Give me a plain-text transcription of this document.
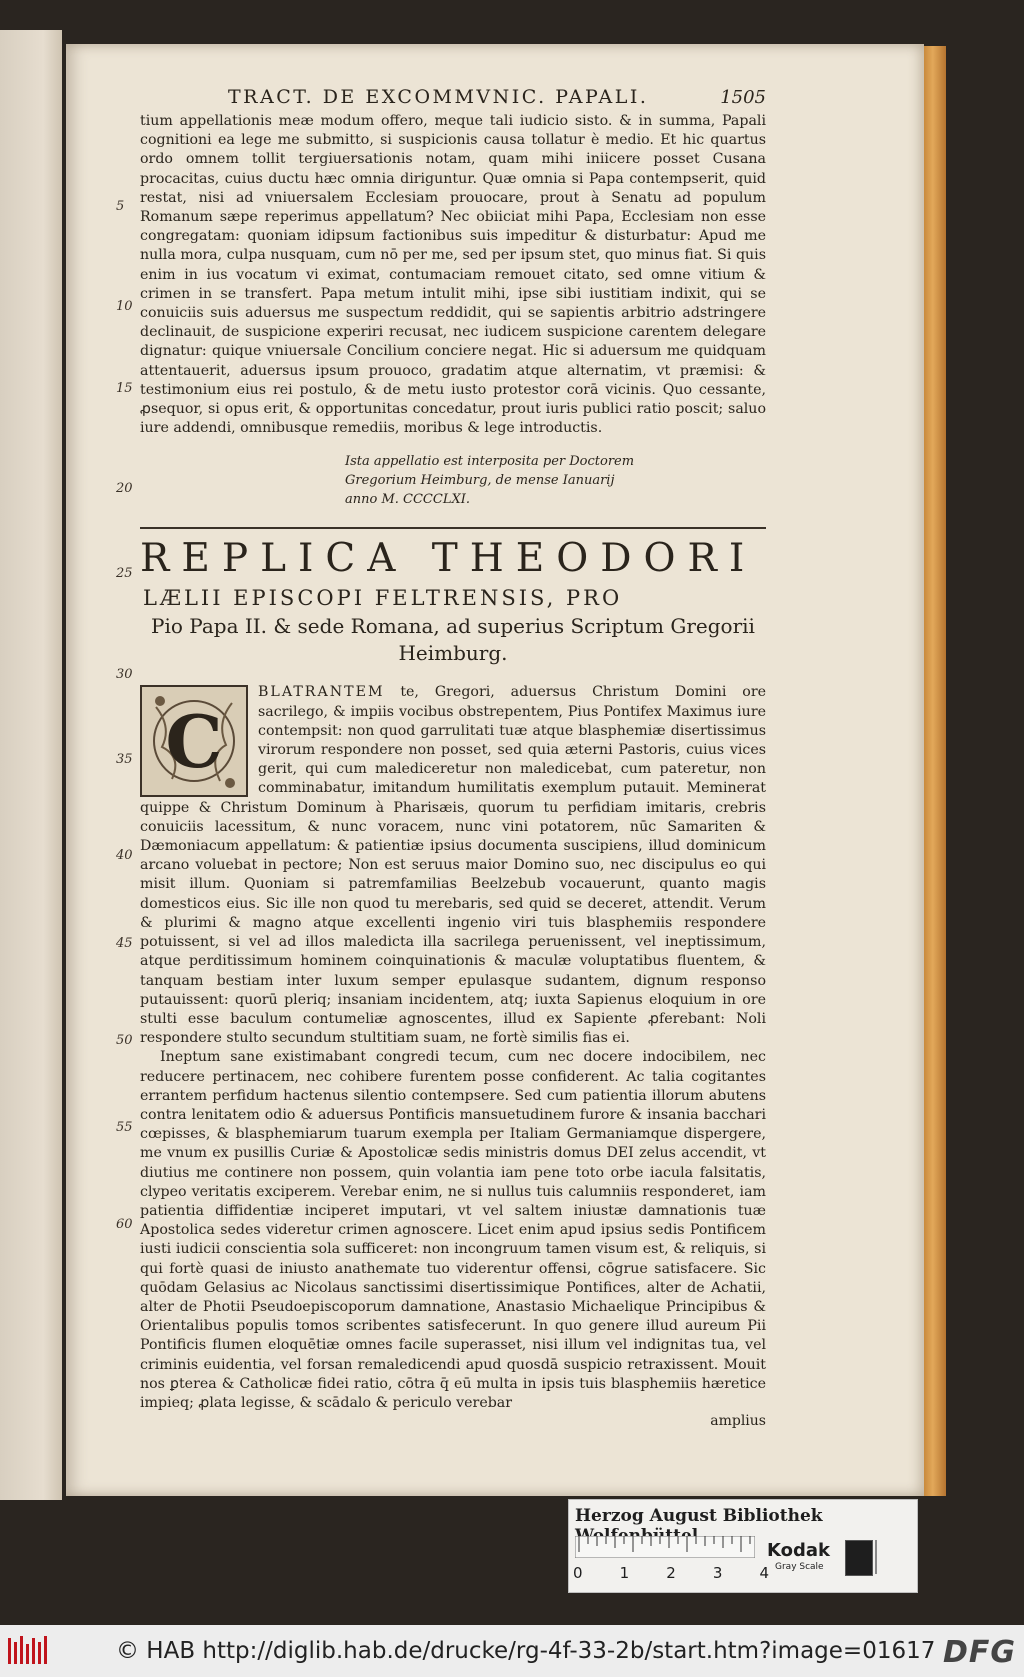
TRACT. DE EXCOMMVNIC. PAPALI.	1505

tium appellationis meæ modum offero, meque tali iudicio sisto. & in summa, Papali cognitioni ea lege me submitto, si suspicionis causa tollatur è medio. Et hic quartus ordo omnem tollit tergiuersationis notam, quam mihi iniicere posset Cusana procacitas, cuius ductu hæc omnia diriguntur. Quæ omnia si Papa contempserit, quid restat, nisi ad vniuersalem Ecclesiam prouocare, prout à Senatu ad populum Romanum sæpe reperimus appellatum? Nec obiiciat mihi Papa, Ecclesiam non esse congregatam: quoniam idipsum factionibus suis impeditur & disturbatur: Apud me nulla mora, culpa nusquam, cum nō per me, sed per ipsum stet, quo minus fiat. Si quis enim in ius vocatum vi eximat, contumaciam remouet citato, sed omne vitium & crimen in se transfert. Papa metum intulit mihi, ipse sibi iustitiam indixit, qui se conuiciis suis aduersus me suspectum reddidit, qui se sapientis arbitrio adstringere declinauit, de suspicione experiri recusat, nec iudicem suspicione carentem delegare dignatur: quique vniuersale Concilium conciere negat. Hic si aduersum me quidquam attentauerit, aduersus ipsum prouoco, gradatim atque alternatim, vt præmisi: & testimonium eius rei postulo, & de metu iusto protestor corā vicinis. Quo cessante, ꝓsequor, si opus erit, & opportunitas concedatur, prout iuris publici ratio poscit; saluo iure addendi, omnibusque remediis, moribus & lege introductis.

Ista appellatio est interposita per Doctorem Gregorium Heimburg, de mense Ianuarij anno M. CCCCLXI.
REPLICA THEODORI
LÆLII EPISCOPI FELTRENSIS, PRO
Pio Papa II. & sede Romana, ad superius Scriptum Gregorii
Heimburg.
C

BLATRANTEM te, Gregori, aduersus Christum Domini ore sacrilego, & impiis vocibus obstrepentem, Pius Pontifex Maximus iure contempsit: non quod garrulitati tuæ atque blasphemiæ disertissimus virorum respondere non posset, sed quia æterni Pastoris, cuius vices gerit, qui cum malediceretur non maledicebat, cum pateretur, non comminabatur, imitandum humilitatis exemplum putauit. Meminerat quippe & Christum Dominum à Pharisæis, quorum tu perfidiam imitaris, crebris conuiciis lacessitum, & nunc voracem, nunc vini potatorem, nūc Samariten & Dæmoniacum appellatum: & patientiæ ipsius documenta suscipiens, illud dominicum arcano voluebat in pectore; Non est seruus maior Domino suo, nec discipulus eo qui misit illum. Quoniam si patremfamilias Beelzebub vocauerunt, quanto magis domesticos eius. Sic ille non quod tu merebaris, sed quid se deceret, attendit. Verum & plurimi & magno atque excellenti ingenio viri tuis blasphemiis respondere potuissent, si vel ad illos maledicta illa sacrilega peruenissent, vel ineptissimum, atque perditissimum hominem coinquinationis & maculæ voluptatibus fluentem, & tanquam bestiam inter luxum semper epulasque sudantem, dignum responso putauissent: quorū pleriq; insaniam incidentem, atq; iuxta Sapienus eloquium in ore stulti esse baculum contumeliæ agnoscentes, illud ex Sapiente ꝓferebant: Noli respondere stulto secundum stultitiam suam, ne fortè similis fias ei.

Ineptum sane existimabant congredi tecum, cum nec docere indocibilem, nec reducere pertinacem, nec cohibere furentem posse confiderent. Ac talia cogitantes errantem perfidum hactenus silentio contempsere. Sed cum patientia illorum abutens contra lenitatem odio & aduersus Pontificis mansuetudinem furore & insania bacchari cœpisses, & blasphemiarum tuarum exempla per Italiam Germaniamque dispergere, me vnum ex pusillis Curiæ & Apostolicæ sedis ministris domus DEI zelus accendit, vt diutius me continere non possem, quin volantia iam pene toto orbe iacula falsitatis, clypeo veritatis exciperem. Verebar enim, ne si nullus tuis calumniis responderet, iam patientia diffidentiæ inciperet imputari, vt vel saltem iniustæ damnationis tuæ Apostolica sedes videretur crimen agnoscere. Licet enim apud ipsius sedis Pontificem iusti iudicii conscientia sola sufficeret: non incongruum tamen visum est, & reliquis, si qui fortè quasi de iniusto anathemate tuo viderentur offensi, cōgrue satisfacere. Sic quōdam Gelasius ac Nicolaus sanctissimi disertissimique Pontifices, alter de Achatii, alter de Photii Pseudoepiscoporum damnatione, Anastasio Michaelique Principibus & Orientalibus populis tomos scribentes satisfecerunt. In quo genere illud aureum Pii Pontificis flumen eloquētiæ omnes facile superasset, nisi illum vel indignitas tua, vel criminis euidentia, vel forsan remaledicendi apud quosdā suspicio retraxissent. Mouit nos ꝑterea & Catholicæ fidei ratio, cōtra q̄ eū multa in ipsis tuis blasphemiis hæretice impieq; ꝓlata legisse, & scādalo & periculo verebar

amplius
5
10
15
20
25
30
35
40
45
50
55
60
Herzog August Bibliothek
0 1 2 3 4
Kodak
Gray Scale
© HAB http://diglib.hab.de/drucke/rg-4f-33-2b/start.htm?image=01617 DFG
